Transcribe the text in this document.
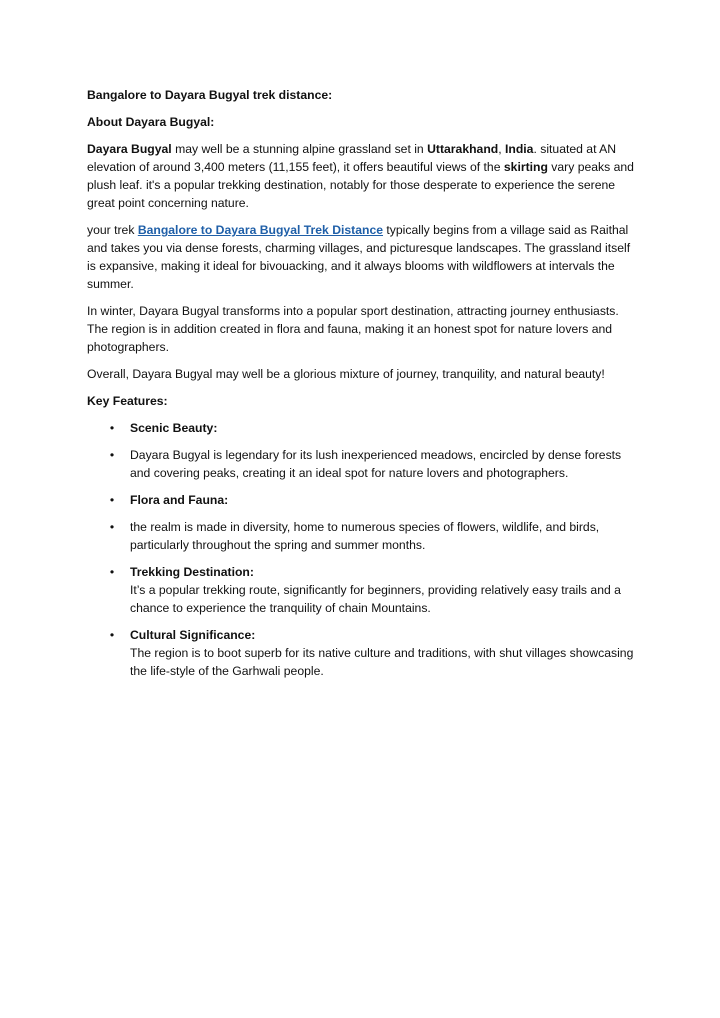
Bangalore to Dayara Bugyal trek distance:

About Dayara Bugyal:

Dayara Bugyal may well be a stunning alpine grassland set in Uttarakhand, India. situated at AN elevation of around 3,400 meters (11,155 feet), it offers beautiful views of the skirting vary peaks and plush leaf. it's a popular trekking destination, notably for those desperate to experience the serene great point concerning nature.

your trek Bangalore to Dayara Bugyal Trek Distance typically begins from a village said as Raithal and takes you via dense forests, charming villages, and picturesque landscapes. The grassland itself is expansive, making it ideal for bivouacking, and it always blooms with wildflowers at intervals the summer.

In winter, Dayara Bugyal transforms into a popular sport destination, attracting journey enthusiasts. The region is in addition created in flora and fauna, making it an honest spot for nature lovers and photographers.

Overall, Dayara Bugyal may well be a glorious mixture of journey, tranquility, and natural beauty!

Key Features:

• Scenic Beauty:
• Dayara Bugyal is legendary for its lush inexperienced meadows, encircled by dense forests and covering peaks, creating it an ideal spot for nature lovers and photographers.
• Flora and Fauna:
• the realm is made in diversity, home to numerous species of flowers, wildlife, and birds, particularly throughout the spring and summer months.
• Trekking Destination:
It’s a popular trekking route, significantly for beginners, providing relatively easy trails and a chance to experience the tranquility of chain Mountains.
• Cultural Significance:
The region is to boot superb for its native culture and traditions, with shut villages showcasing the life-style of the Garhwali people.
